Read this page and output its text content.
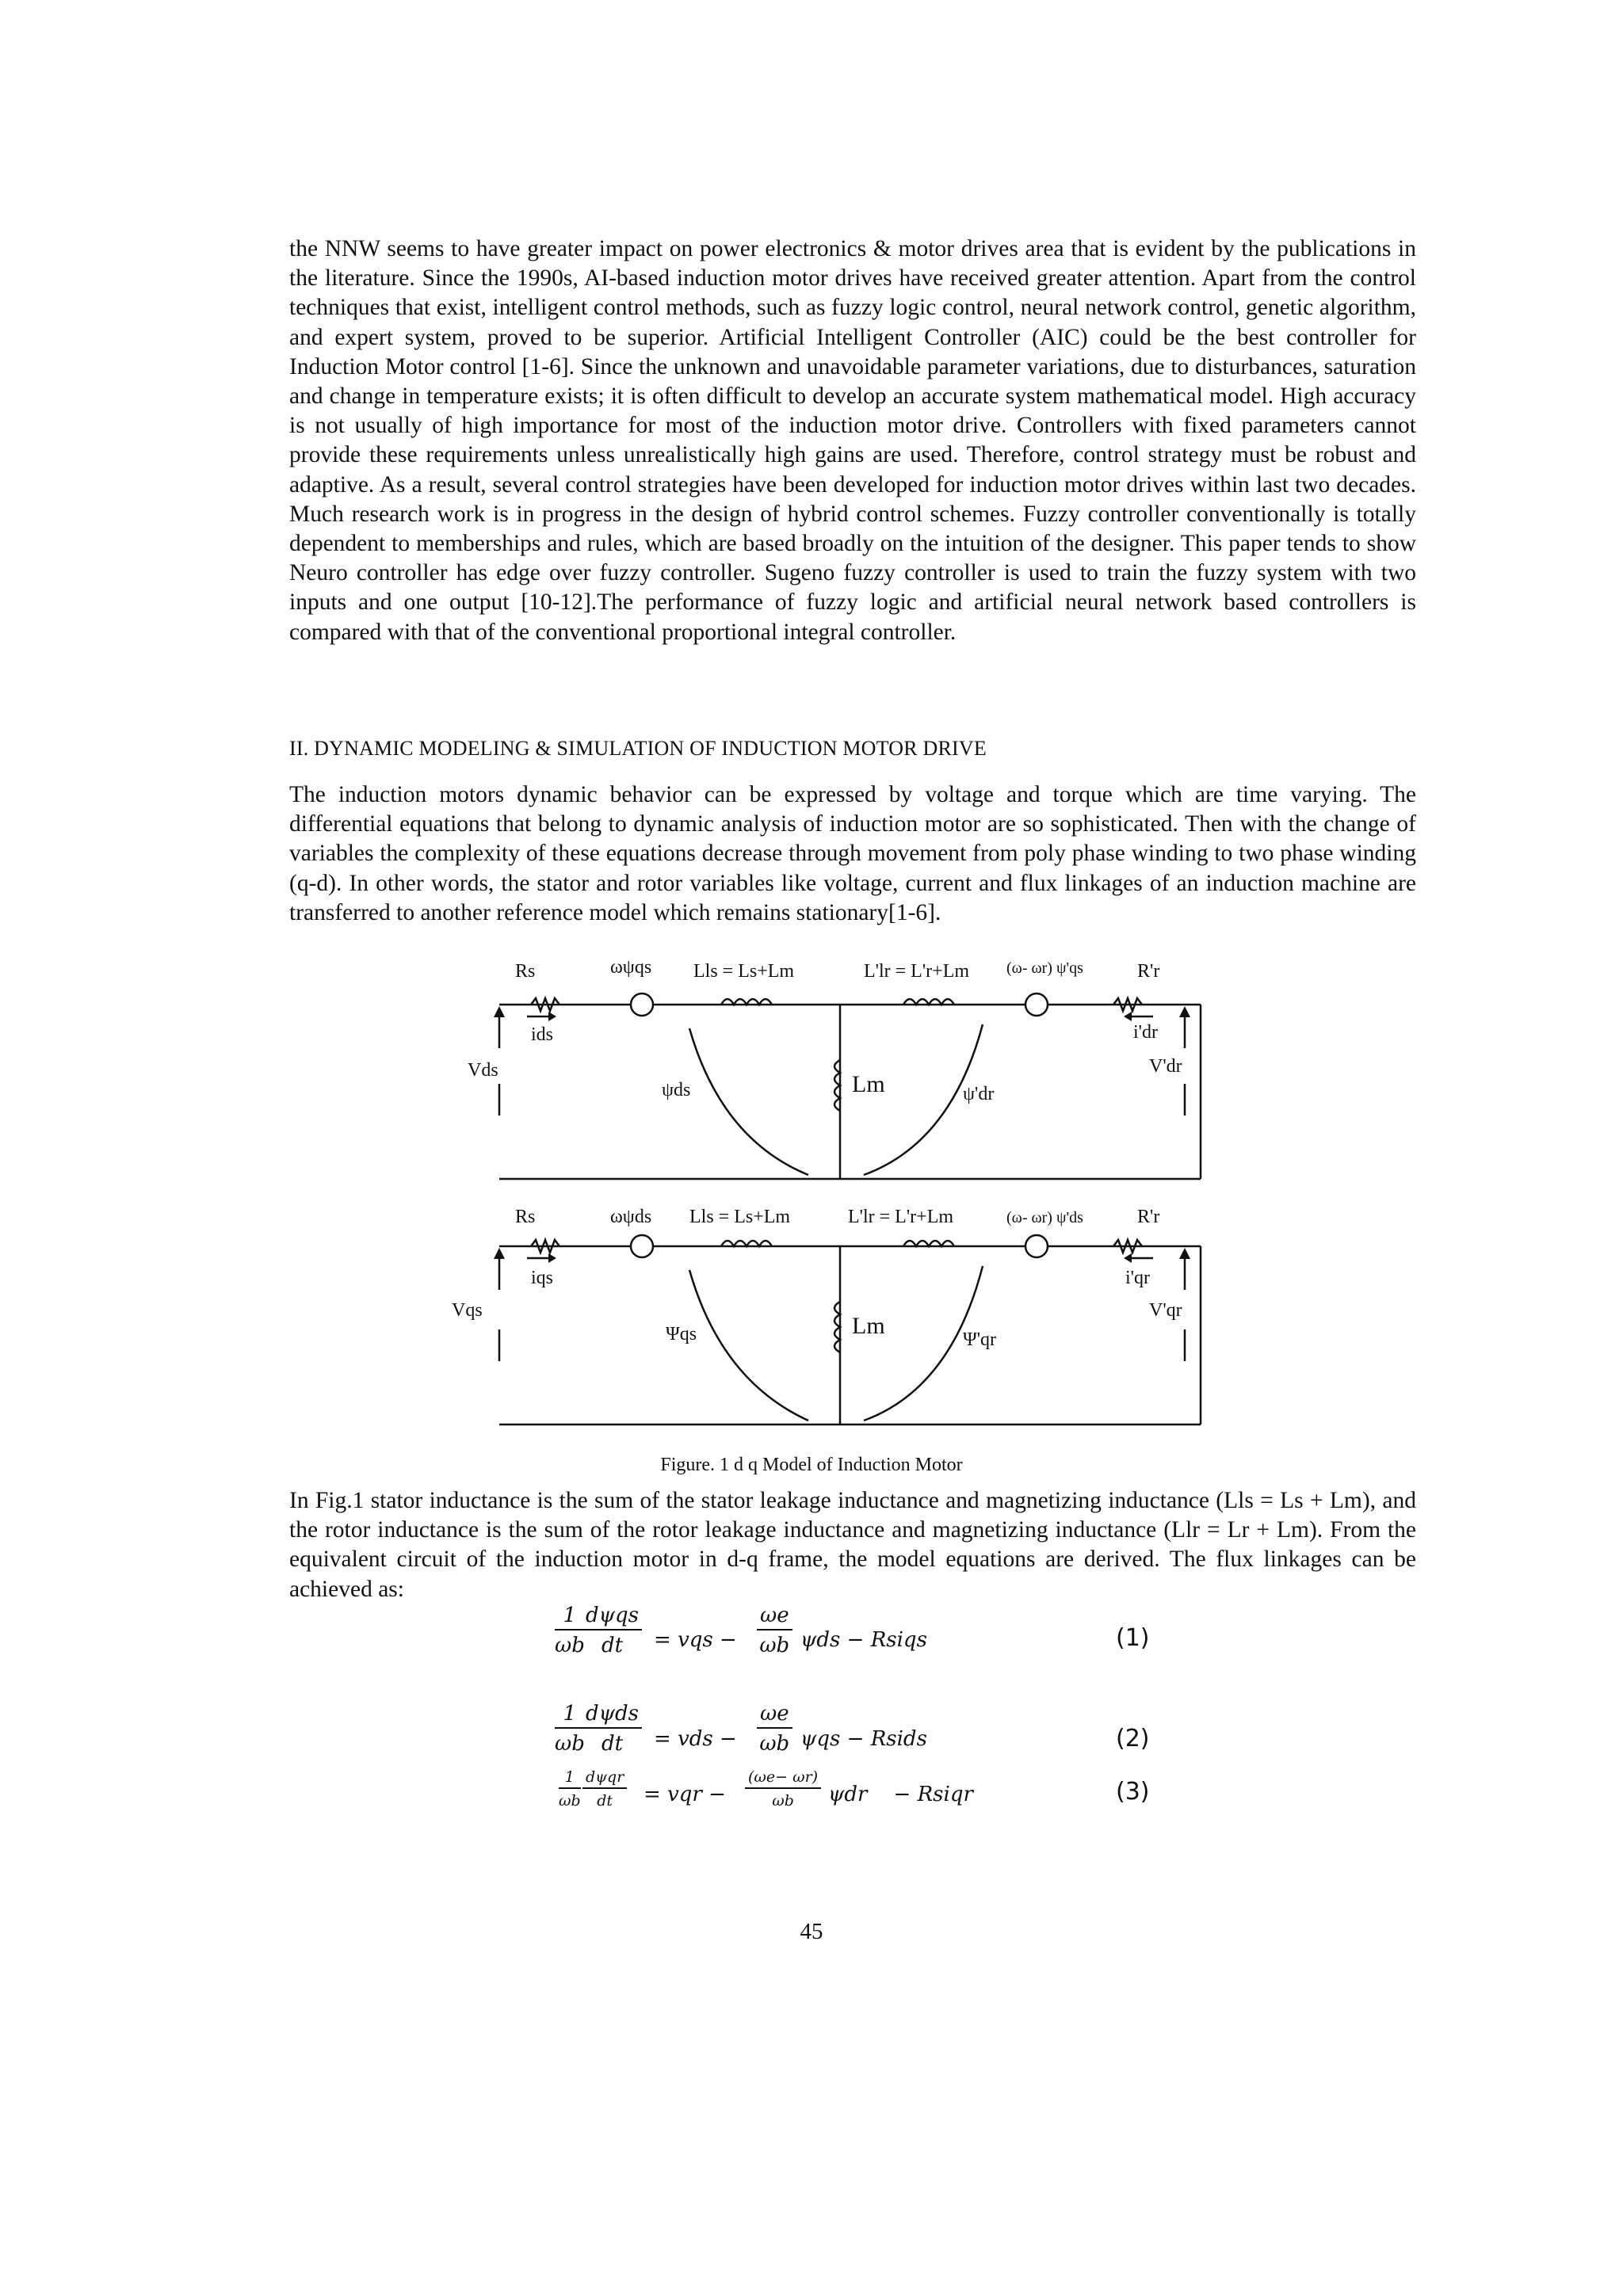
the NNW seems to have greater impact on power electronics & motor drives area that is evident by the publications in the literature. Since the 1990s, AI-based induction motor drives have received greater attention. Apart from the control techniques that exist, intelligent control methods, such as fuzzy logic control, neural network control, genetic algorithm, and expert system, proved to be superior. Artificial Intelligent Controller (AIC) could be the best controller for Induction Motor control [1-6]. Since the unknown and unavoidable parameter variations, due to disturbances, saturation and change in temperature exists; it is often difficult to develop an accurate system mathematical model. High accuracy is not usually of high importance for most of the induction motor drive. Controllers with fixed parameters cannot provide these requirements unless unrealistically high gains are used. Therefore, control strategy must be robust and adaptive. As a result, several control strategies have been developed for induction motor drives within last two decades. Much research work is in progress in the design of hybrid control schemes. Fuzzy controller conventionally is totally dependent to memberships and rules, which are based broadly on the intuition of the designer. This paper tends to show Neuro controller has edge over fuzzy controller. Sugeno fuzzy controller is used to train the fuzzy system with two inputs and one output [10-12].The performance of fuzzy logic and artificial neural network based controllers is compared with that of the conventional proportional integral controller.

II. DYNAMIC MODELING & SIMULATION OF INDUCTION MOTOR DRIVE

The induction motors dynamic behavior can be expressed by voltage and torque which are time varying. The differential equations that belong to dynamic analysis of induction motor are so sophisticated. Then with the change of variables the complexity of these equations decrease through movement from poly phase winding to two phase winding (q-d). In other words, the stator and rotor variables like voltage, current and flux linkages of an induction machine are transferred to another reference model which remains stationary[1-6].

Rs	ωψqs Lls = Ls+Lm	L'lr = L'r+Lm (ω- ωr) ψ'qs	R'r
ids	i'dr
Vds	V'dr
ψds	Lm	ψ'dr
Rs	ωψds Lls = Ls+Lm	L'lr = L'r+Lm	(ω- ωr) ψ'ds	R'r
iqs	i'qr
Vqs	V'qr
Ψqs	Lm
Ψ'qr
Figure. 1 d q Model of Induction Motor

In Fig.1 stator inductance is the sum of the stator leakage inductance and magnetizing inductance (Lls = Ls + Lm), and the rotor inductance is the sum of the rotor leakage inductance and magnetizing inductance (Llr = Lr + Lm). From the equivalent circuit of the induction motor in d-q frame, the model equations are derived. The flux linkages can be achieved as:

$\frac{1}{\omega b}$ dψqs
dt	= vqs − $\frac{\omega e}{\omega b}$ ψds − Rsiqs	(1)
$\frac{1}{\omega b}$ dψds
dt	= vds − $\frac{\omega e}{\omega b}$ ψqs − Rsids	(2)
$\frac{1}{\omega b}$ dψqr
dt	= vqr − $\frac{(\omega e- \omega r)}{\omega b}$ ψdr − Rsiqr	(3)
45
